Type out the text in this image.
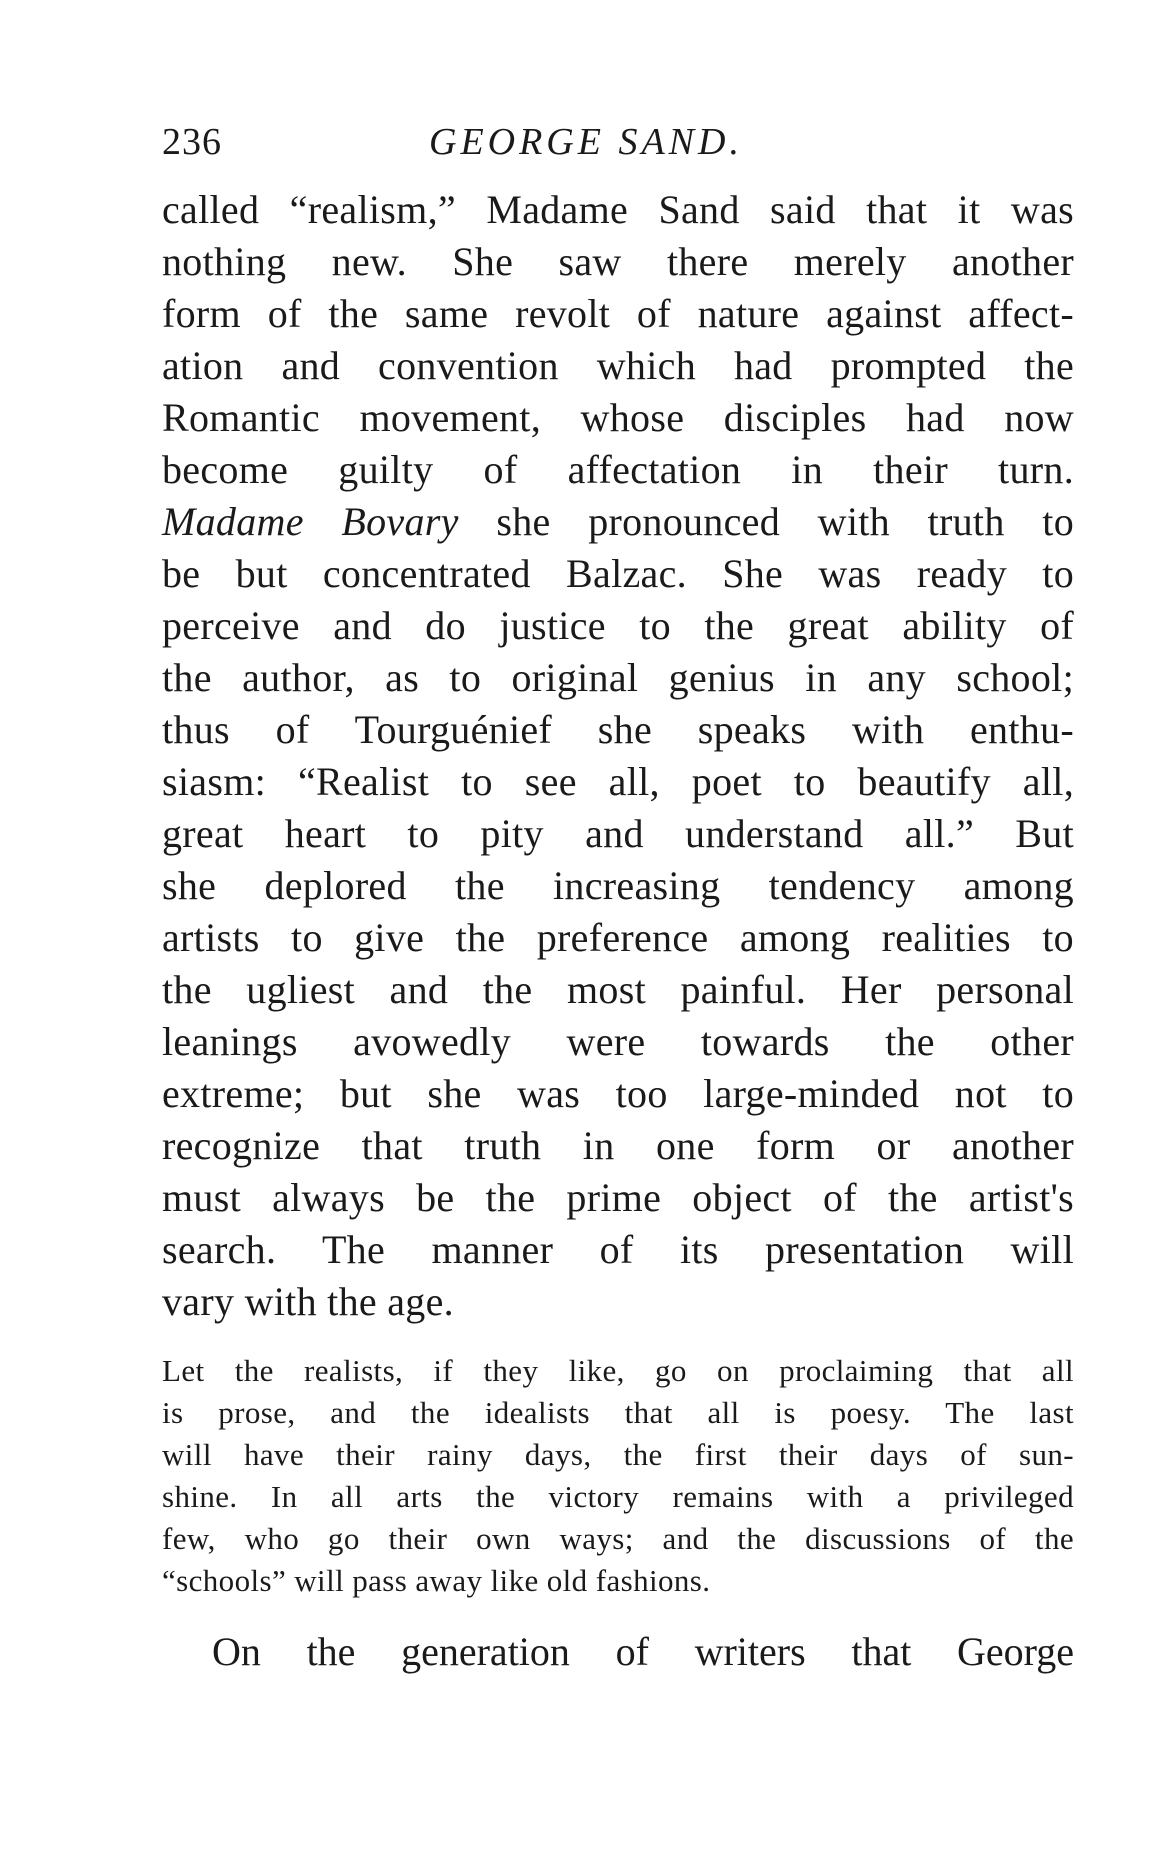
236	GEORGE SAND.
called “realism,” Madame Sand said that it was
nothing new. She saw there merely another
form of the same revolt of nature against affect-
ation and convention which had prompted the
Romantic movement, whose disciples had now
become guilty of affectation in their turn.
Madame Bovary she pronounced with truth to
be but concentrated Balzac. She was ready to
perceive and do justice to the great ability of
the author, as to original genius in any school;
thus of Tourguénief she speaks with enthu-
siasm: “Realist to see all, poet to beautify all,
great heart to pity and understand all.” But
she deplored the increasing tendency among
artists to give the preference among realities to
the ugliest and the most painful. Her personal
leanings avowedly were towards the other
extreme; but she was too large-minded not to
recognize that truth in one form or another
must always be the prime object of the artist's
search. The manner of its presentation will
vary with the age.
Let the realists, if they like, go on proclaiming that all
is prose, and the idealists that all is poesy. The last
will have their rainy days, the first their days of sun-
shine. In all arts the victory remains with a privileged
few, who go their own ways; and the discussions of the
“schools” will pass away like old fashions.
On the generation of writers that George
